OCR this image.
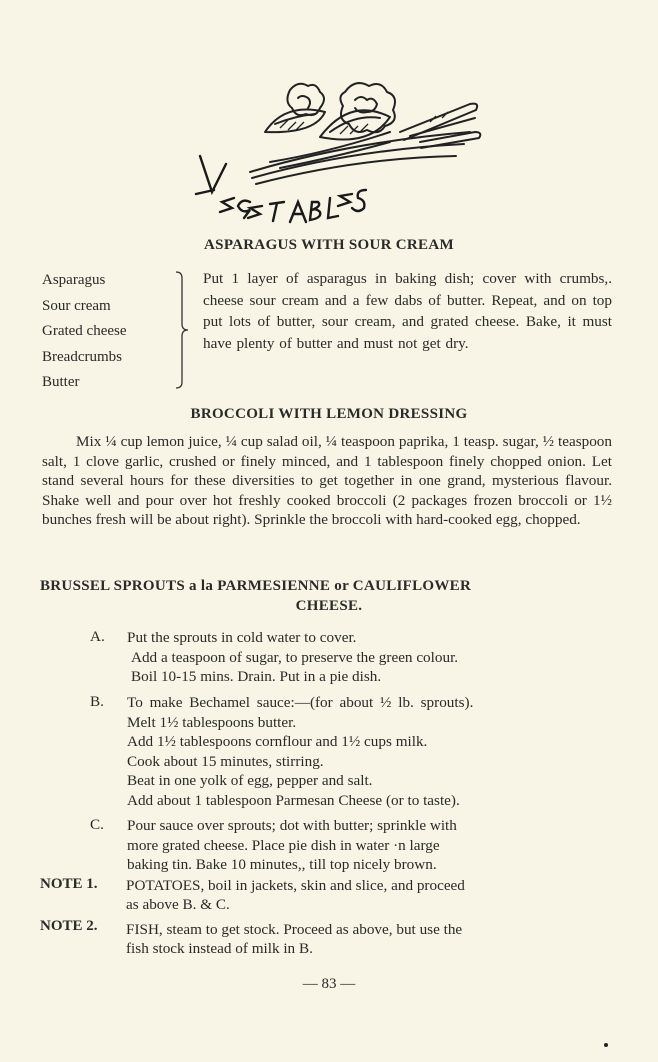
ASPARAGUS WITH SOUR CREAM
Asparagus
Sour cream
Grated cheese
Breadcrumbs
Butter
Put 1 layer of asparagus in baking dish; cover with crumbs,. cheese sour cream and a few dabs of butter. Repeat, and on top put lots of butter, sour cream, and grated cheese. Bake, it must have plenty of butter and must not get dry.
BROCCOLI WITH LEMON DRESSING
Mix ¼ cup lemon juice, ¼ cup salad oil, ¼ teaspoon paprika, 1 teasp. sugar, ½ teaspoon salt, 1 clove garlic, crushed or finely minced, and 1 tablespoon finely chopped onion. Let stand several hours for these diversities to get together in one grand, mysterious flavour. Shake well and pour over hot freshly cooked broccoli (2 packages frozen broccoli or 1½ bunches fresh will be about right). Sprinkle the broccoli with hard-cooked egg, chopped.
BRUSSEL SPROUTS a la PARMESIENNE or CAULIFLOWER
CHEESE.
A. Put the sprouts in cold water to cover.
Add a teaspoon of sugar, to preserve the green colour.
Boil 10-15 mins. Drain. Put in a pie dish.
B. To make Bechamel sauce:—(for about ½ lb. sprouts).
Melt 1½ tablespoons butter.
Add 1½ tablespoons cornflour and 1½ cups milk.
Cook about 15 minutes, stirring.
Beat in one yolk of egg, pepper and salt.
Add about 1 tablespoon Parmesan Cheese (or to taste).
C. Pour sauce over sprouts; dot with butter; sprinkle with
more grated cheese. Place pie dish in water ·n large
baking tin. Bake 10 minutes,, till top nicely brown.
NOTE 1. POTATOES, boil in jackets, skin and slice, and proceed
as above B. & C.
NOTE 2. FISH, steam to get stock. Proceed as above, but use the
fish stock instead of milk in B.
— 83 —
